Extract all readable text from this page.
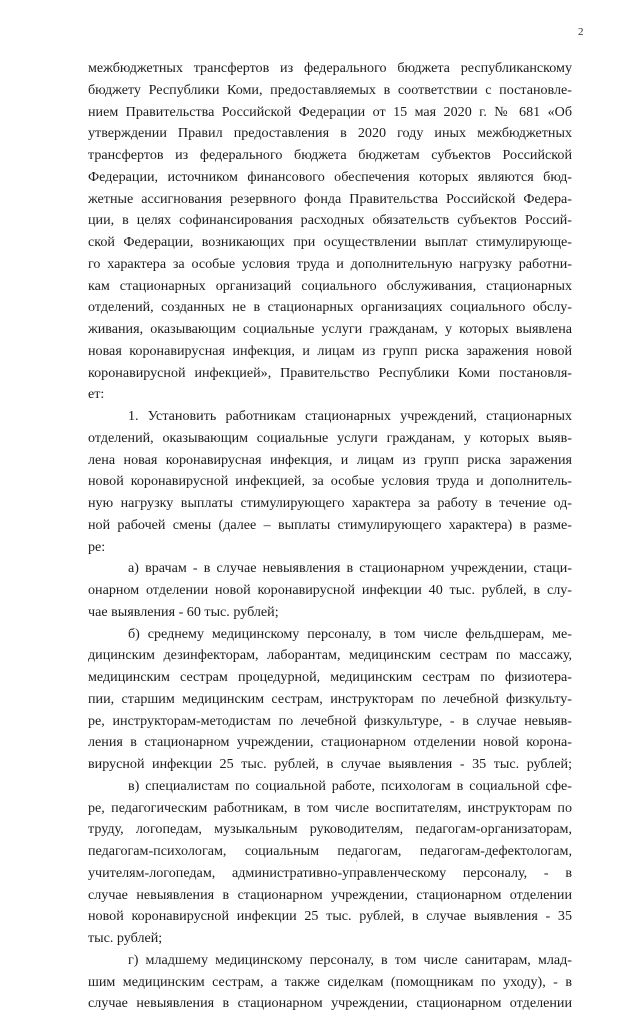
2
межбюджетных трансфертов из федерального бюджета республиканскому
бюджету Республики Коми, предоставляемых в соответствии с постановле-
нием Правительства Российской Федерации от 15 мая 2020 г. № 681 «Об
утверждении Правил предоставления в 2020 году иных межбюджетных
трансфертов из федерального бюджета бюджетам субъектов Российской
Федерации, источником финансового обеспечения которых являются бюд-
жетные ассигнования резервного фонда Правительства Российской Федера-
ции, в целях софинансирования расходных обязательств субъектов Россий-
ской Федерации, возникающих при осуществлении выплат стимулирующе-
го характера за особые условия труда и дополнительную нагрузку работни-
кам стационарных организаций социального обслуживания, стационарных
отделений, созданных не в стационарных организациях социального обслу-
живания, оказывающим социальные услуги гражданам, у которых выявлена
новая коронавирусная инфекция, и лицам из групп риска заражения новой
коронавирусной инфекцией», Правительство Республики Коми постановля-
ет:
1. Установить работникам стационарных учреждений, стационарных
отделений, оказывающим социальные услуги гражданам, у которых выяв-
лена новая коронавирусная инфекция, и лицам из групп риска заражения
новой коронавирусной инфекцией, за особые условия труда и дополнитель-
ную нагрузку выплаты стимулирующего характера за работу в течение од-
ной рабочей смены (далее – выплаты стимулирующего характера) в разме-
ре:
а) врачам - в случае невыявления в стационарном учреждении, стаци-
онарном отделении новой коронавирусной инфекции 40 тыс. рублей, в слу-
чае выявления - 60 тыс. рублей;
б) среднему медицинскому персоналу, в том числе фельдшерам, ме-
дицинским дезинфекторам, лаборантам, медицинским сестрам по массажу,
медицинским сестрам процедурной, медицинским сестрам по физиотера-
пии, старшим медицинским сестрам, инструкторам по лечебной физкульту-
ре, инструкторам-методистам по лечебной физкультуре, - в случае невыяв-
ления в стационарном учреждении, стационарном отделении новой корона-
вирусной инфекции 25 тыс. рублей, в случае выявления - 35 тыс. рублей;
в) специалистам по социальной работе, психологам в социальной сфе-
ре, педагогическим работникам, в том числе воспитателям, инструкторам по
труду, логопедам, музыкальным руководителям, педагогам-организаторам,
педагогам-психологам, социальным педагогам, педагогам-дефектологам,
учителям-логопедам, административно-управленческому персоналу, - в
случае невыявления в стационарном учреждении, стационарном отделении
новой коронавирусной инфекции 25 тыс. рублей, в случае выявления - 35
тыс. рублей;
г) младшему медицинскому персоналу, в том числе санитарам, млад-
шим медицинским сестрам, а также сиделкам (помощникам по уходу), - в
случае невыявления в стационарном учреждении, стационарном отделении
